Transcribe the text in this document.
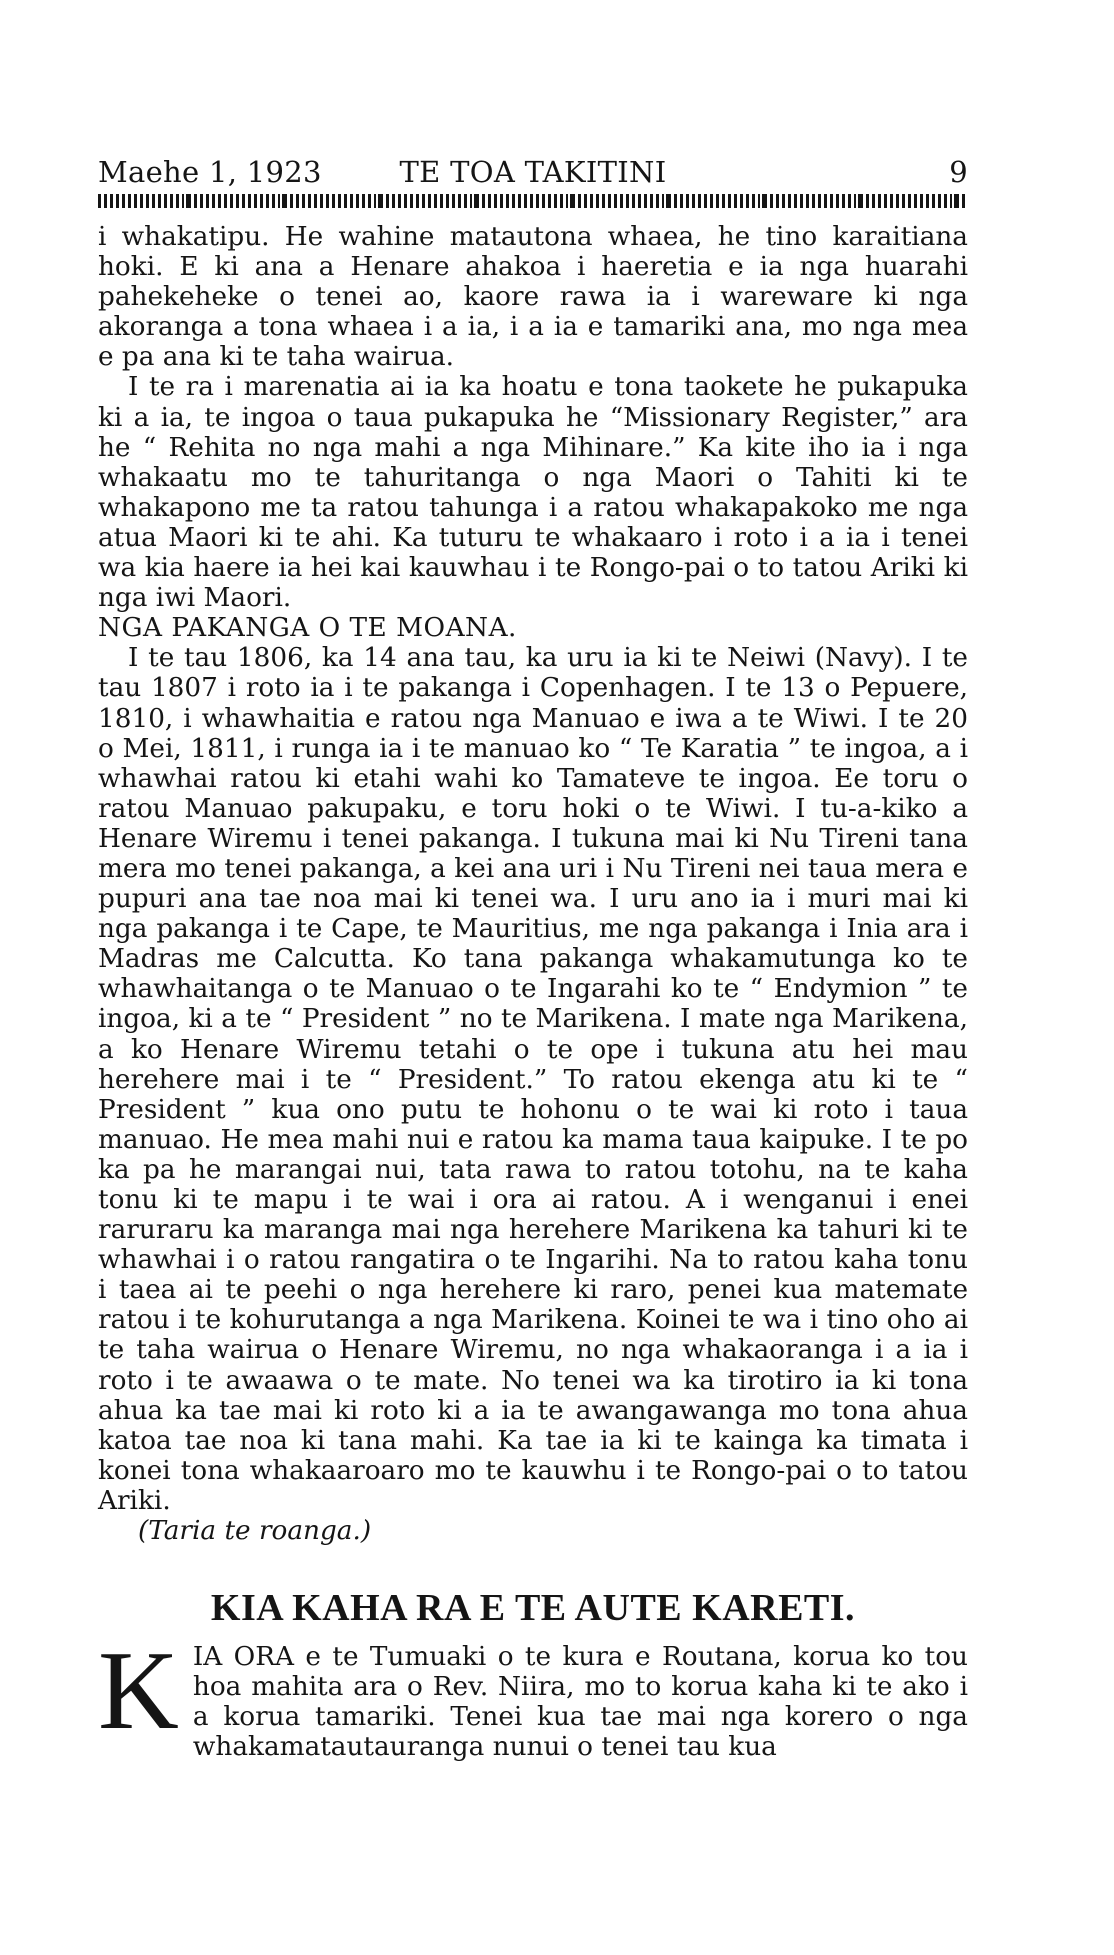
Maehe 1, 1923	TE TOA TAKITINI	9

i whakatipu. He wahine matautona whaea, he tino karaitiana hoki. E ki ana a Henare ahakoa i haeretia e ia nga huarahi pahekeheke o tenei ao, kaore rawa ia i wareware ki nga akoranga a tona whaea i a ia, i a ia e tamariki ana, mo nga mea e pa ana ki te taha wairua.

I te ra i marenatia ai ia ka hoatu e tona taokete he pukapuka ki a ia, te ingoa o taua pukapuka he “Missionary Register,” ara he “ Rehita no nga mahi a nga Mihinare.” Ka kite iho ia i nga whakaatu mo te tahuritanga o nga Maori o Tahiti ki te whakapono me ta ratou tahunga i a ratou whakapakoko me nga atua Maori ki te ahi. Ka tuturu te whakaaro i roto i a ia i tenei wa kia haere ia hei kai kauwhau i te Rongo-pai o to tatou Ariki ki nga iwi Maori.

NGA PAKANGA O TE MOANA.

I te tau 1806, ka 14 ana tau, ka uru ia ki te Neiwi (Navy). I te tau 1807 i roto ia i te pakanga i Copenhagen. I te 13 o Pepuere, 1810, i whawhaitia e ratou nga Manuao e iwa a te Wiwi. I te 20 o Mei, 1811, i runga ia i te manuao ko “ Te Karatia ” te ingoa, a i whawhai ratou ki etahi wahi ko Tamateve te ingoa. Ee toru o ratou Manuao pakupaku, e toru hoki o te Wiwi. I tu-a-kiko a Henare Wiremu i tenei pakanga. I tukuna mai ki Nu Tireni tana mera mo tenei pakanga, a kei ana uri i Nu Tireni nei taua mera e pupuri ana tae noa mai ki tenei wa. I uru ano ia i muri mai ki nga pakanga i te Cape, te Mauritius, me nga pakanga i Inia ara i Madras me Calcutta. Ko tana pakanga whakamutunga ko te whawhaitanga o te Manuao o te Ingarahi ko te “ Endymion ” te ingoa, ki a te “ President ” no te Marikena. I mate nga Marikena, a ko Henare Wiremu tetahi o te ope i tukuna atu hei mau herehere mai i te “ President.” To ratou ekenga atu ki te “ President ” kua ono putu te hohonu o te wai ki roto i taua manuao. He mea mahi nui e ratou ka mama taua kaipuke. I te po ka pa he marangai nui, tata rawa to ratou totohu, na te kaha tonu ki te mapu i te wai i ora ai ratou. A i wenganui i enei raruraru ka maranga mai nga herehere Marikena ka tahuri ki te whawhai i o ratou rangatira o te Ingarihi. Na to ratou kaha tonu i taea ai te peehi o nga herehere ki raro, penei kua matemate ratou i te kohurutanga a nga Marikena. Koinei te wa i tino oho ai te taha wairua o Henare Wiremu, no nga whakaoranga i a ia i roto i te awaawa o te mate. No tenei wa ka tirotiro ia ki tona ahua ka tae mai ki roto ki a ia te awangawanga mo tona ahua katoa tae noa ki tana mahi. Ka tae ia ki te kainga ka timata i konei tona whakaaroaro mo te kauwhu i te Rongo-pai o to tatou Ariki.

(Taria te roanga.)

KIA KAHA RA E TE AUTE KARETI.
K IA ORA e te Tumuaki o te kura e Routana, korua ko tou hoa mahita ara o Rev. Niira, mo to korua kaha ki te ako i a korua tamariki. Tenei kua tae mai nga korero o nga whakamatautauranga nunui o tenei tau kua
